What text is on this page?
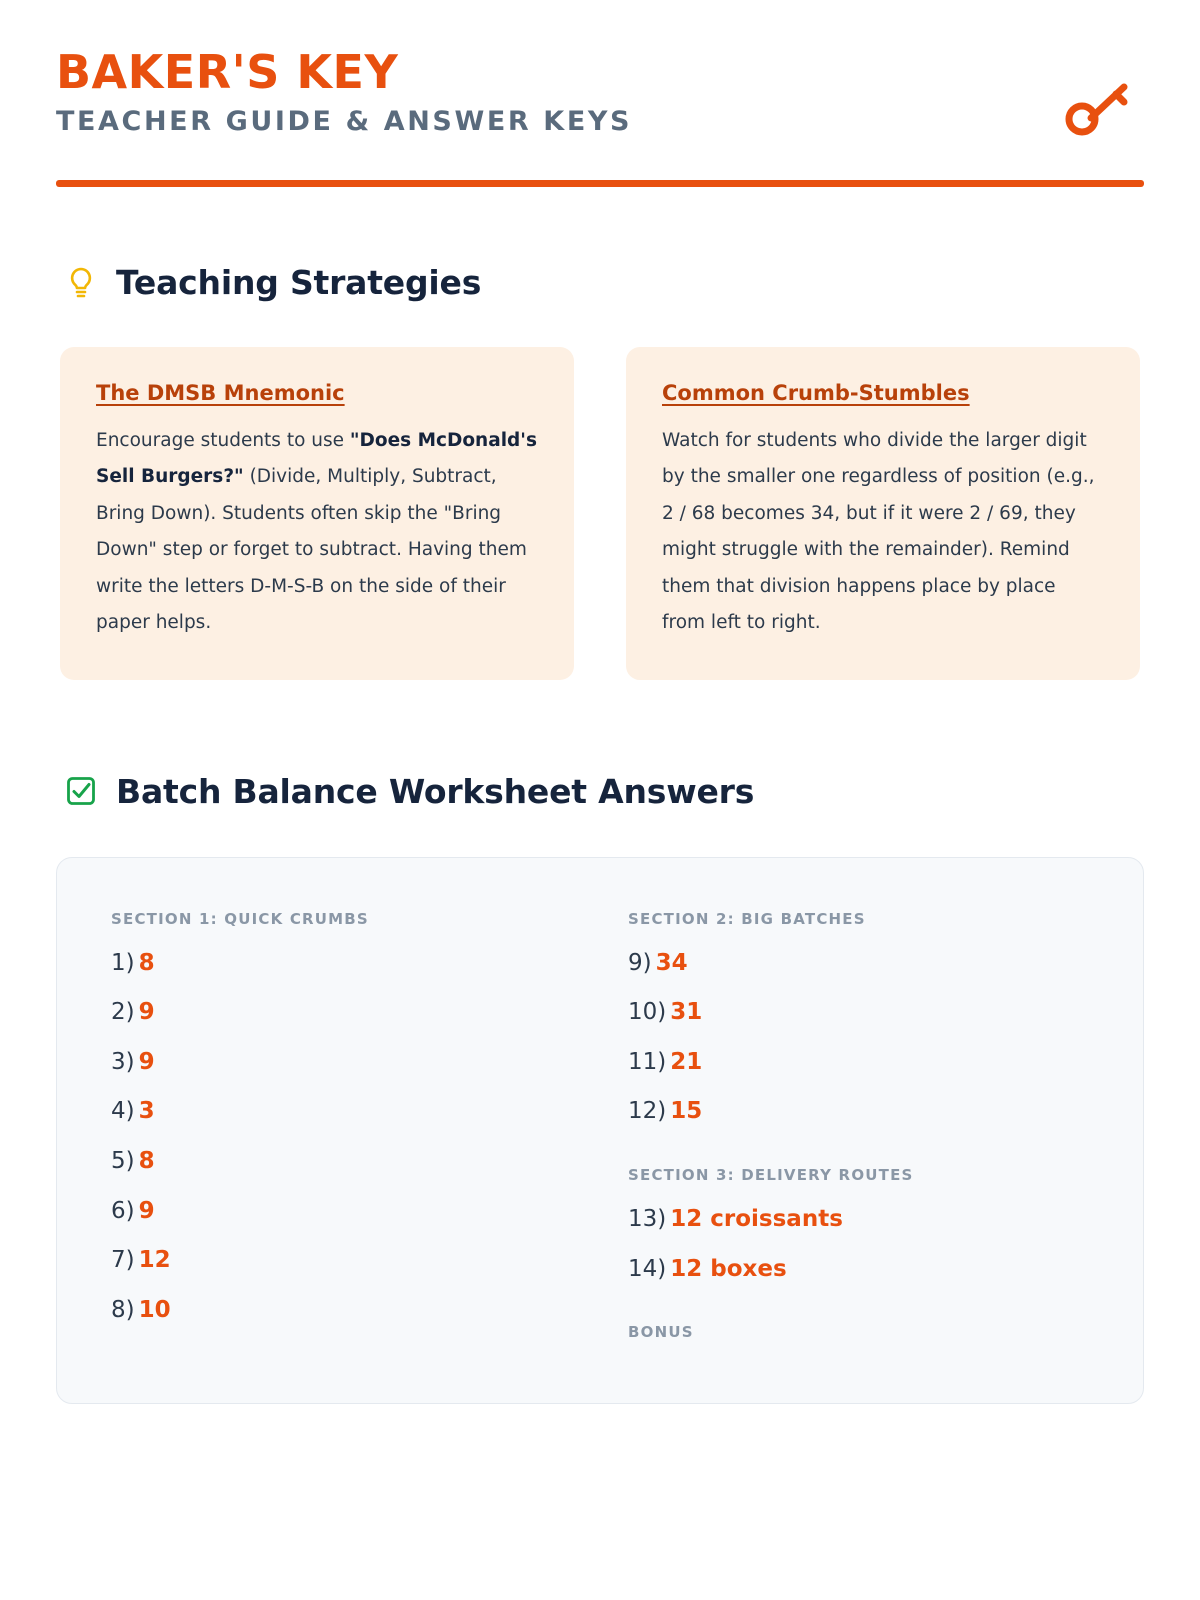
BAKER'S KEY
TEACHER GUIDE & ANSWER KEYS
Teaching Strategies
The DMSB Mnemonic
Encourage students to use "Does McDonald's Sell Burgers?" (Divide, Multiply, Subtract, Bring Down). Students often skip the "Bring Down" step or forget to subtract. Having them write the letters D-M-S-B on the side of their paper helps.
Common Crumb-Stumbles
Watch for students who divide the larger digit by the smaller one regardless of position (e.g., 2 / 68 becomes 34, but if it were 2 / 69, they might struggle with the remainder). Remind them that division happens place by place from left to right.
Batch Balance Worksheet Answers
SECTION 1: QUICK CRUMBS
1) 8
2) 9
3) 9
4) 3
5) 8
6) 9
7) 12
8) 10
SECTION 2: BIG BATCHES
9) 34
10) 31
11) 21
12) 15
SECTION 3: DELIVERY ROUTES
13) 12 croissants
14) 12 boxes
BONUS
